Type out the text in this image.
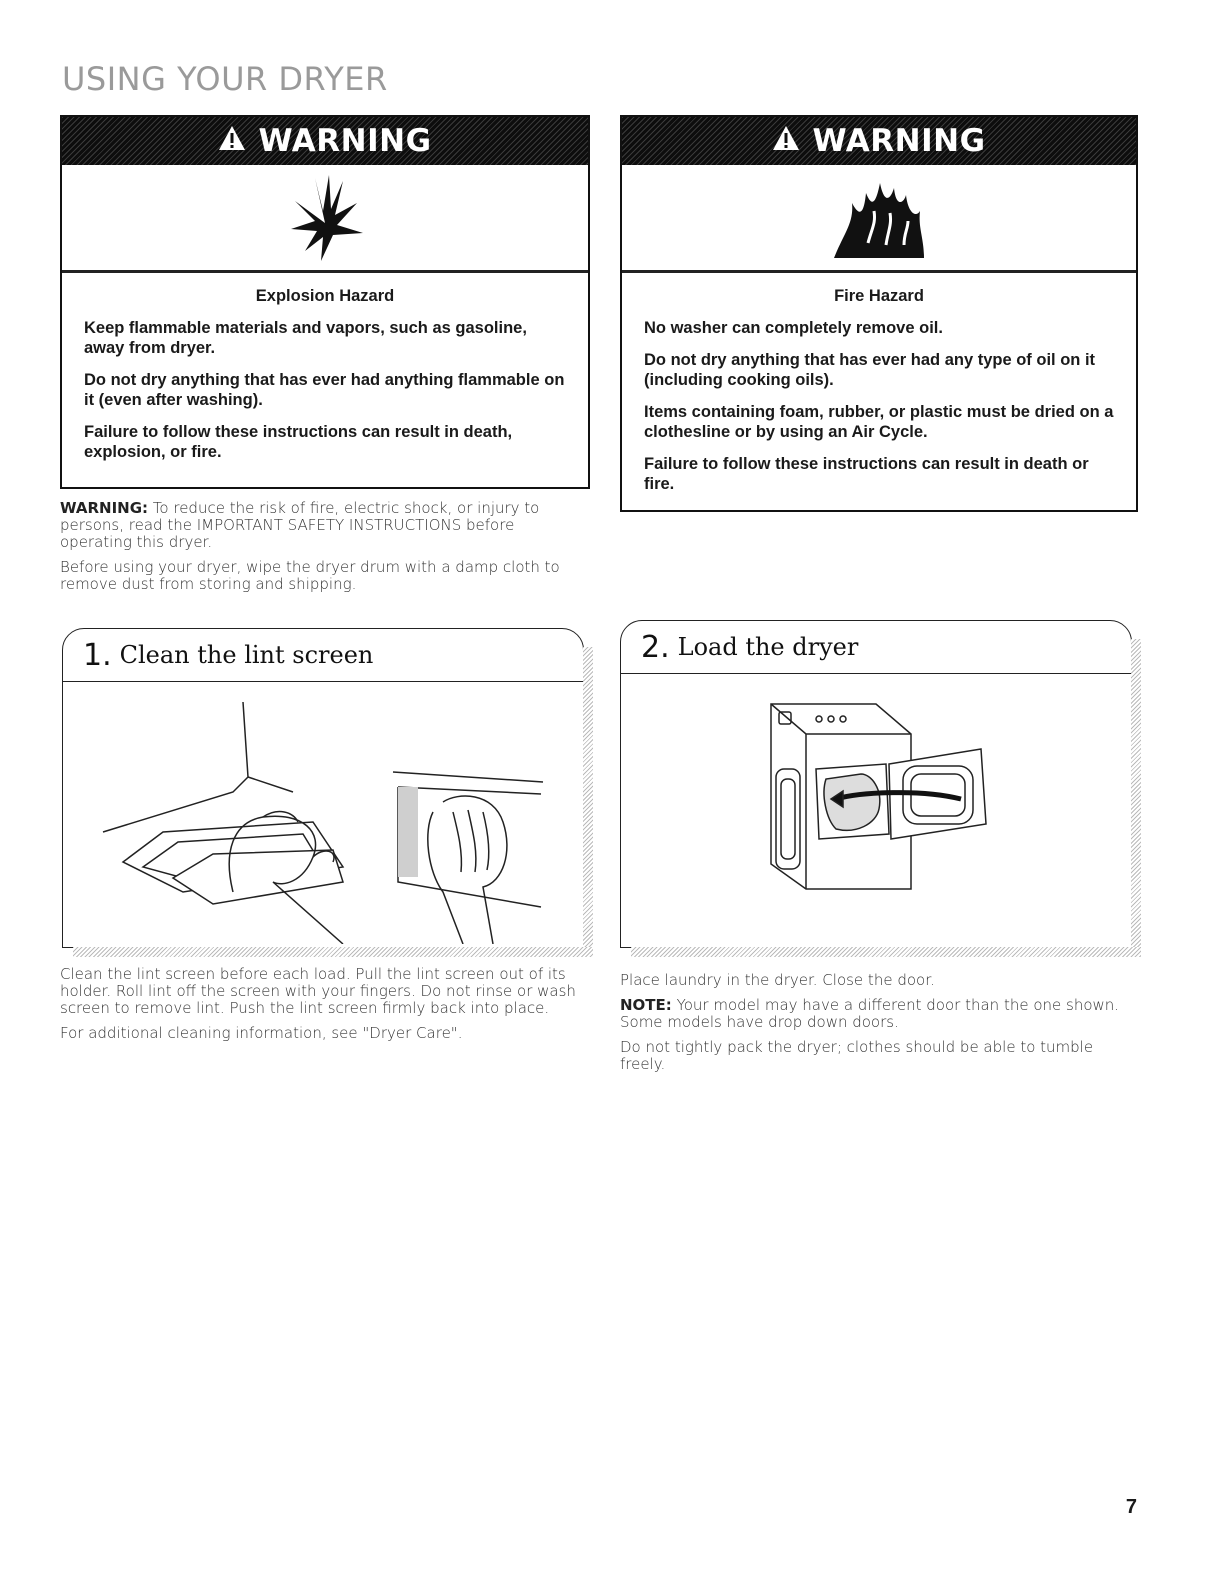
USING YOUR DRYER
WARNING
Explosion Hazard

Keep flammable materials and vapors, such as gasoline, away from dryer.

Do not dry anything that has ever had anything flammable on it (even after washing).

Failure to follow these instructions can result in death, explosion, or fire.

WARNING
Fire Hazard

No washer can completely remove oil.

Do not dry anything that has ever had any type of oil on it (including cooking oils).

Items containing foam, rubber, or plastic must be dried on a clothesline or by using an Air Cycle.

Failure to follow these instructions can result in death or fire.

WARNING: To reduce the risk of fire, electric shock, or injury to persons, read the IMPORTANT SAFETY INSTRUCTIONS before operating this dryer.

Before using your dryer, wipe the dryer drum with a damp cloth to remove dust from storing and shipping.

1. Clean the lint screen	2. Load the dryer

Clean the lint screen before each load. Pull the lint screen out of its holder. Roll lint off the screen with your fingers. Do not rinse or wash screen to remove lint. Push the lint screen firmly back into place.

For additional cleaning information, see "Dryer Care".

Place laundry in the dryer. Close the door.

NOTE: Your model may have a different door than the one shown. Some models have drop down doors.

Do not tightly pack the dryer; clothes should be able to tumble freely.

7
